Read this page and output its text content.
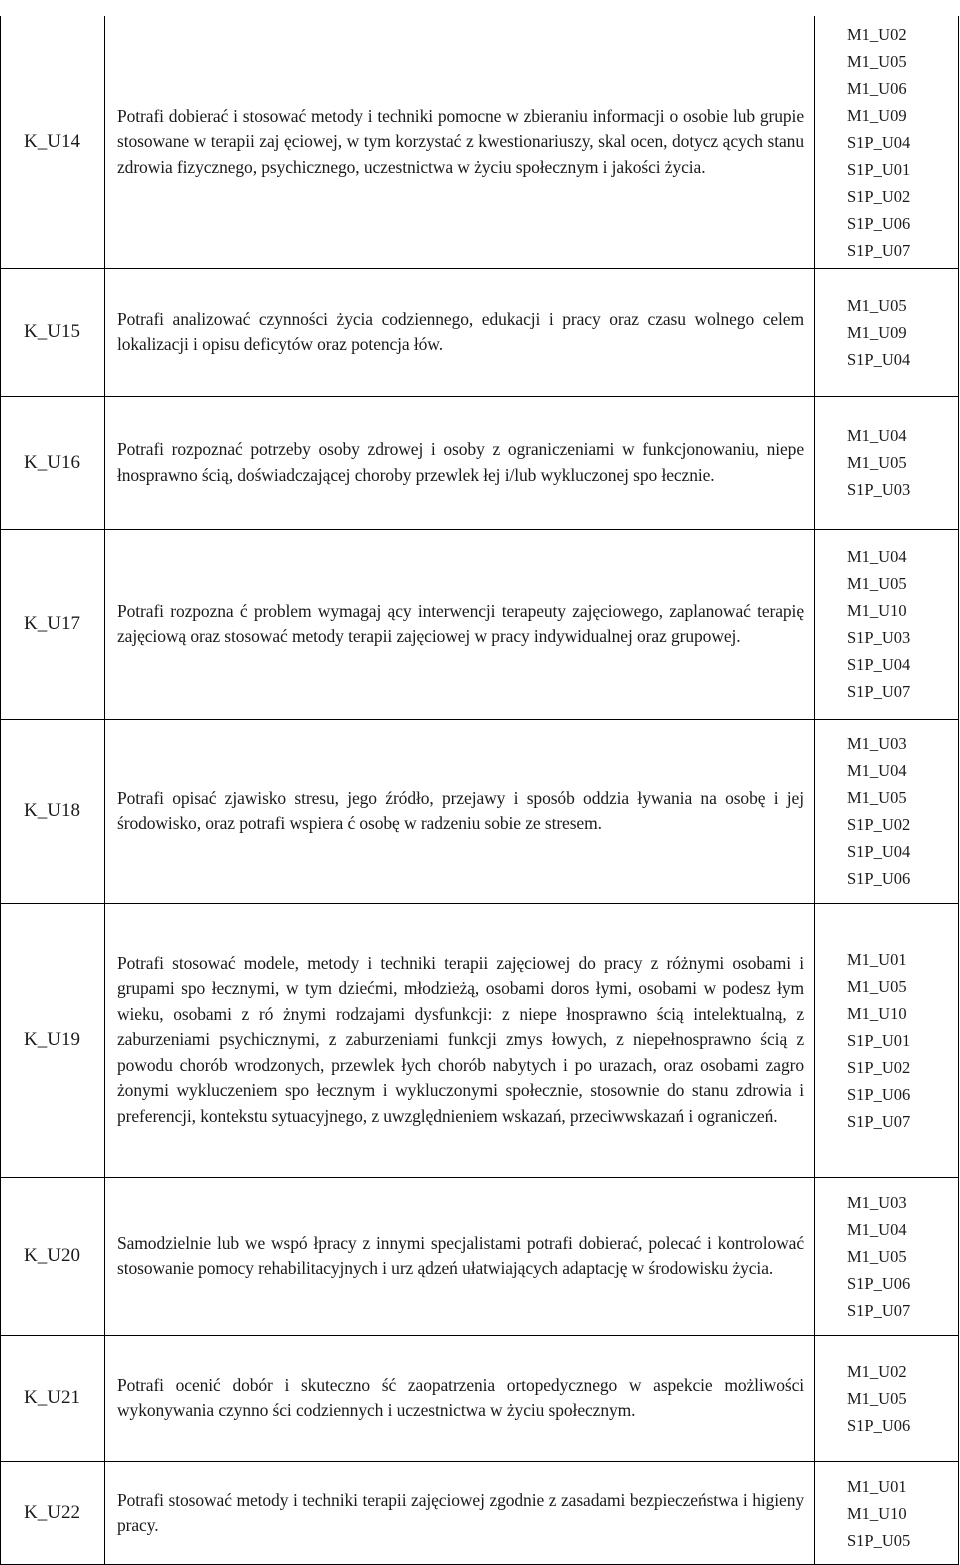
K_U14
Potrafi dobierać i stosować metody i techniki pomocne w zbieraniu informacji o osobie lub grupie stosowane w terapii zaj ęciowej, w tym korzystać z kwestionariuszy, skal ocen, dotycz ących stanu zdrowia fizycznego, psychicznego, uczestnictwa w życiu społecznym i jakości życia.
M1_U02
M1_U05
M1_U06
M1_U09
S1P_U04
S1P_U01
S1P_U02
S1P_U06
S1P_U07
K_U15
Potrafi analizować czynności życia codziennego, edukacji i pracy oraz czasu wolnego celem lokalizacji i opisu deficytów oraz potencja łów.
M1_U05
M1_U09
S1P_U04
K_U16
Potrafi rozpoznać potrzeby osoby zdrowej i osoby z ograniczeniami w funkcjonowaniu, niepe łnosprawno ścią, doświadczającej choroby przewlek łej i/lub wykluczonej spo łecznie.
M1_U04
M1_U05
S1P_U03
K_U17
Potrafi rozpozna ć problem wymagaj ący interwencji terapeuty zajęciowego, zaplanować terapię zajęciową oraz stosować metody terapii zajęciowej w pracy indywidualnej oraz grupowej.
M1_U04
M1_U05
M1_U10
S1P_U03
S1P_U04
S1P_U07
K_U18
Potrafi opisać zjawisko stresu, jego źródło, przejawy i sposób oddzia ływania na osobę i jej środowisko, oraz potrafi wspiera ć osobę w radzeniu sobie ze stresem.
M1_U03
M1_U04
M1_U05
S1P_U02
S1P_U04
S1P_U06
K_U19
Potrafi stosować modele, metody i techniki terapii zajęciowej do pracy z różnymi osobami i grupami spo łecznymi, w tym dziećmi, młodzieżą, osobami doros łymi, osobami w podesz łym wieku, osobami z ró żnymi rodzajami dysfunkcji: z niepe łnosprawno ścią intelektualną, z zaburzeniami psychicznymi, z zaburzeniami funkcji zmys łowych, z niepełnosprawno ścią z powodu chorób wrodzonych, przewlek łych chorób nabytych i po urazach, oraz osobami zagro żonymi wykluczeniem spo łecznym i wykluczonymi społecznie, stosownie do stanu zdrowia i preferencji, kontekstu sytuacyjnego, z uwzględnieniem wskazań, przeciwwskazań i ograniczeń.
M1_U01
M1_U05
M1_U10
S1P_U01
S1P_U02
S1P_U06
S1P_U07
K_U20
Samodzielnie lub we wspó łpracy z innymi specjalistami potrafi dobierać, polecać i kontrolować stosowanie pomocy rehabilitacyjnych i urz ądzeń ułatwiających adaptację w środowisku życia.
M1_U03
M1_U04
M1_U05
S1P_U06
S1P_U07
K_U21
Potrafi ocenić dobór i skuteczno ść zaopatrzenia ortopedycznego w aspekcie możliwości wykonywania czynno ści codziennych i uczestnictwa w życiu społecznym.
M1_U02
M1_U05
S1P_U06
K_U22
Potrafi stosować metody i techniki terapii zajęciowej zgodnie z zasadami bezpieczeństwa i higieny pracy.
M1_U01
M1_U10
S1P_U05
